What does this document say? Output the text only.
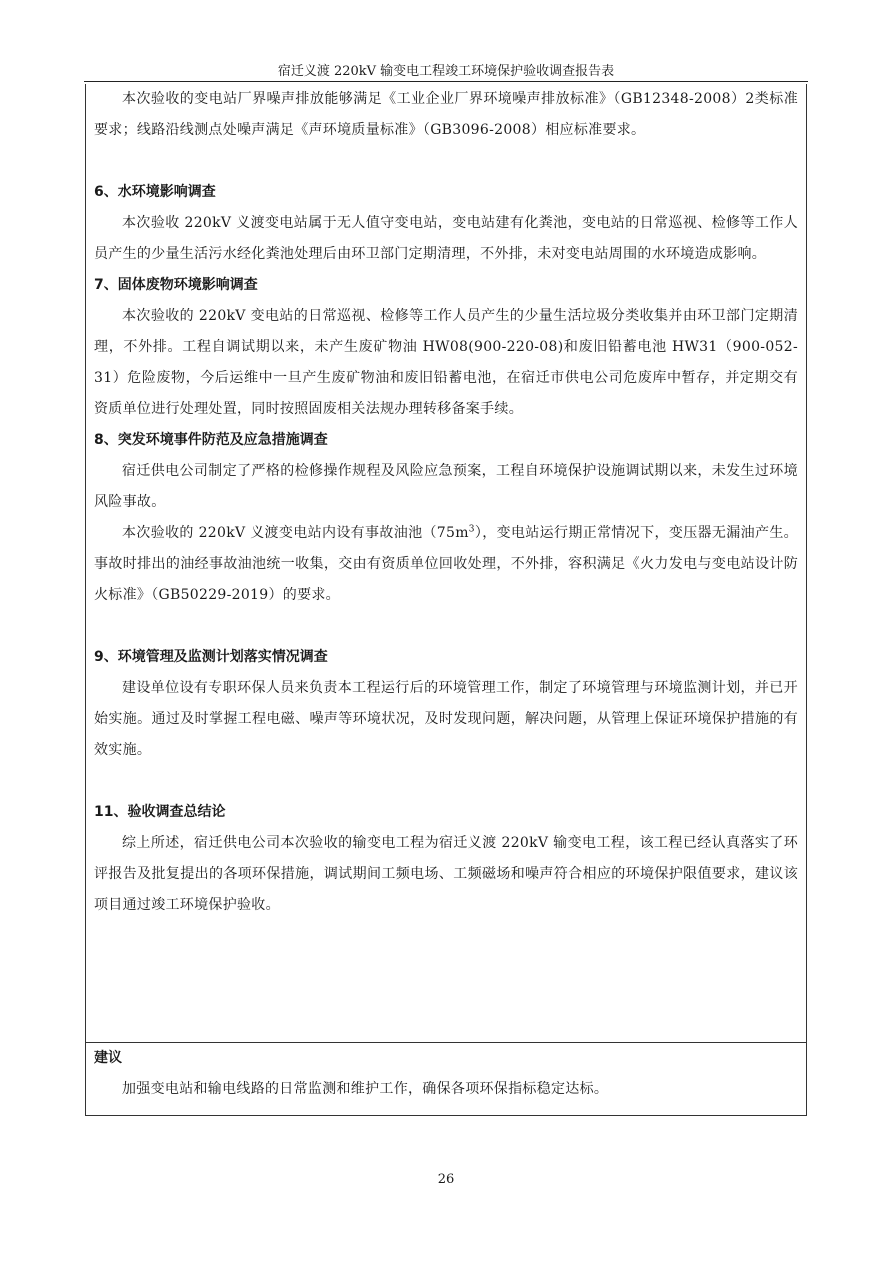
宿迁义渡 220kV 输变电工程竣工环境保护验收调查报告表

本次验收的变电站厂界噪声排放能够满足《工业企业厂界环境噪声排放标准》（GB12348-2008）2类标准要求；线路沿线测点处噪声满足《声环境质量标准》（GB3096-2008）相应标准要求。

6、水环境影响调查

本次验收 220kV 义渡变电站属于无人值守变电站，变电站建有化粪池，变电站的日常巡视、检修等工作人员产生的少量生活污水经化粪池处理后由环卫部门定期清理，不外排，未对变电站周围的水环境造成影响。

7、固体废物环境影响调查

本次验收的 220kV 变电站的日常巡视、检修等工作人员产生的少量生活垃圾分类收集并由环卫部门定期清理，不外排。工程自调试期以来，未产生废矿物油 HW08(900-220-08)和废旧铅蓄电池 HW31（900-052-31）危险废物，今后运维中一旦产生废矿物油和废旧铅蓄电池，在宿迁市供电公司危废库中暂存，并定期交有资质单位进行处理处置，同时按照固废相关法规办理转移备案手续。

8、突发环境事件防范及应急措施调查

宿迁供电公司制定了严格的检修操作规程及风险应急预案，工程自环境保护设施调试期以来，未发生过环境风险事故。

本次验收的 220kV 义渡变电站内设有事故油池$(75m^3)$，变电站运行期正常情况下，变压器无漏油产生。事故时排出的油经事故油池统一收集，交由有资质单位回收处理，不外排，容积满足《火力发电与变电站设计防火标准》（GB50229-2019）的要求。

9、环境管理及监测计划落实情况调查

建设单位设有专职环保人员来负责本工程运行后的环境管理工作，制定了环境管理与环境监测计划，并已开始实施。通过及时掌握工程电磁、噪声等环境状况，及时发现问题，解决问题，从管理上保证环境保护措施的有效实施。

11、验收调查总结论

综上所述，宿迁供电公司本次验收的输变电工程为宿迁义渡 220kV 输变电工程，该工程已经认真落实了环评报告及批复提出的各项环保措施，调试期间工频电场、工频磁场和噪声符合相应的环境保护限值要求，建议该项目通过竣工环境保护验收。

建议

加强变电站和输电线路的日常监测和维护工作，确保各项环保指标稳定达标。

26
